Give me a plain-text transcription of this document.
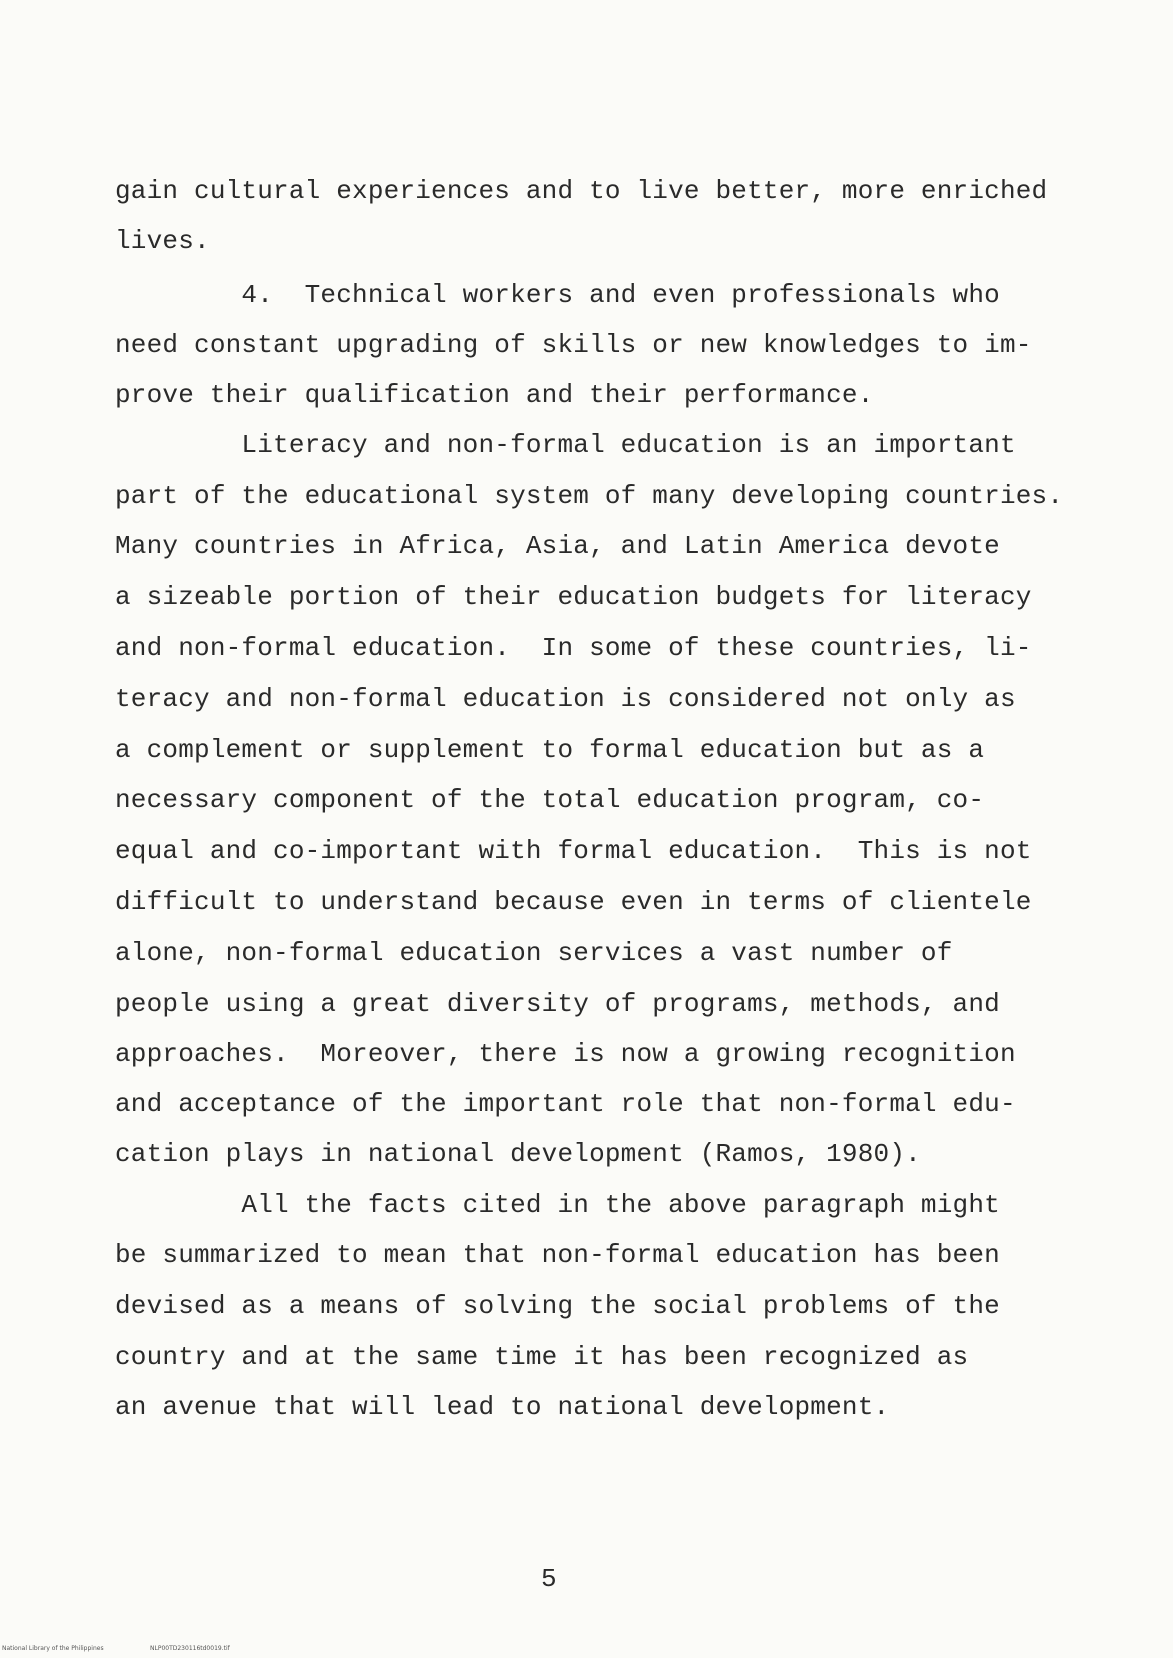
gain cultural experiences and to live better, more enriched
lives.
4.  Technical workers and even professionals who
need constant upgrading of skills or new knowledges to im-
prove their qualification and their performance.
Literacy and non-formal education is an important
part of the educational system of many developing countries.
Many countries in Africa, Asia, and Latin America devote
a sizeable portion of their education budgets for literacy
and non-formal education.  In some of these countries, li-
teracy and non-formal education is considered not only as
a complement or supplement to formal education but as a
necessary component of the total education program, co-
equal and co-important with formal education.  This is not
difficult to understand because even in terms of clientele
alone, non-formal education services a vast number of
people using a great diversity of programs, methods, and
approaches.  Moreover, there is now a growing recognition
and acceptance of the important role that non-formal edu-
cation plays in national development (Ramos, 1980).
All the facts cited in the above paragraph might
be summarized to mean that non-formal education has been
devised as a means of solving the social problems of the
country and at the same time it has been recognized as
an avenue that will lead to national development.
5
National Library of the Philippines	NLP00TD230116td0019.tif
